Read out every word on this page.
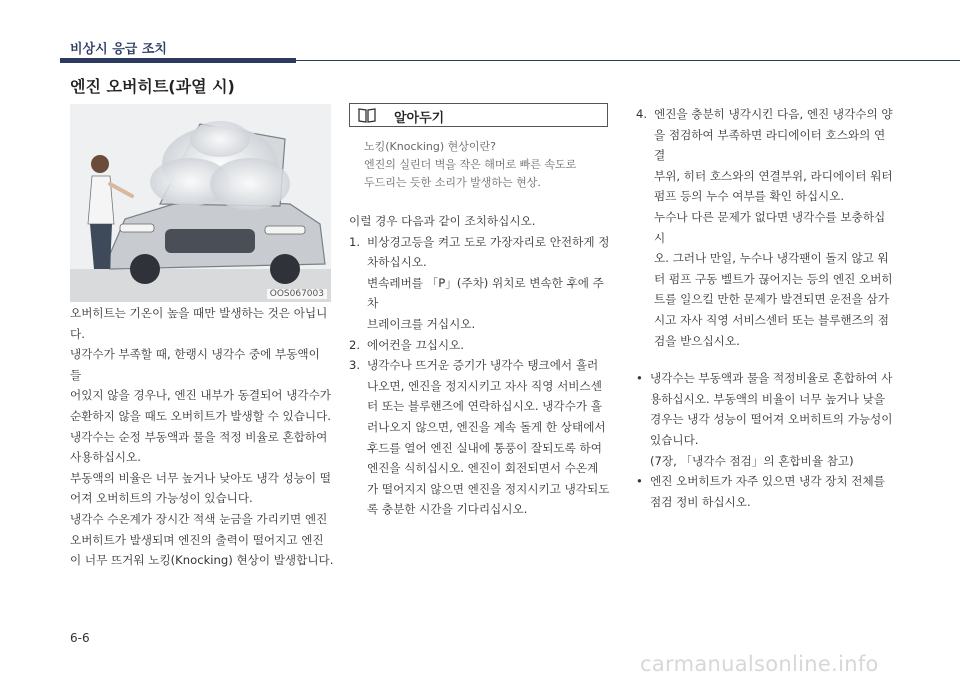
비상시 응급 조치
엔진 오버히트(과열 시)
OOS067003

오버히트는 기온이 높을 때만 발생하는 것은 아닙니다.

냉각수가 부족할 때, 한랭시 냉각수 중에 부동액이 들

어있지 않을 경우나, 엔진 내부가 동결되어 냉각수가

순환하지 않을 때도 오버히트가 발생할 수 있습니다.

냉각수는 순정 부동액과 물을 적정 비율로 혼합하여

사용하십시오.

부동액의 비율은 너무 높거나 낮아도 냉각 성능이 떨

어져 오버히트의 가능성이 있습니다.

냉각수 수온계가 장시간 적색 눈금을 가리키면 엔진

오버히트가 발생되며 엔진의 출력이 떨어지고 엔진

이 너무 뜨거워 노킹(Knocking) 현상이 발생합니다.

알아두기

노킹(Knocking) 현상이란?

엔진의 실린더 벽을 작은 해머로 빠른 속도로

두드리는 듯한 소리가 발생하는 현상.

이럴 경우 다음과 같이 조치하십시오.

1. 비상경고등을 켜고 도로 가장자리로 안전하게 정

차하십시오.

변속레버를 「P」(주차) 위치로 변속한 후에 주차

브레이크를 거십시오.

2. 에어컨을 끄십시오.

3. 냉각수나 뜨거운 증기가 냉각수 탱크에서 흘러

나오면, 엔진을 정지시키고 자사 직영 서비스센

터 또는 블루핸즈에 연락하십시오. 냉각수가 흘

러나오지 않으면, 엔진을 계속 돌게 한 상태에서

후드를 열어 엔진 실내에 통풍이 잘되도록 하여

엔진을 식히십시오. 엔진이 회전되면서 수온계

가 떨어지지 않으면 엔진을 정지시키고 냉각되도

록 충분한 시간을 기다리십시오.

4. 엔진을 충분히 냉각시킨 다음, 엔진 냉각수의 양

을 점검하여 부족하면 라디에이터 호스와의 연결

부위, 히터 호스와의 연결부위, 라디에이터 워터

펌프 등의 누수 여부를 확인 하십시오.

누수나 다른 문제가 없다면 냉각수를 보충하십시

오. 그러나 만일, 누수나 냉각팬이 돌지 않고 워

터 펌프 구동 벨트가 끊어지는 등의 엔진 오버히

트를 일으킬 만한 문제가 발견되면 운전을 삼가

시고 자사 직영 서비스센터 또는 블루핸즈의 점

검을 받으십시오.

• 냉각수는 부동액과 물을 적정비율로 혼합하여 사

용하십시오. 부동액의 비율이 너무 높거나 낮을

경우는 냉각 성능이 떨어져 오버히트의 가능성이

있습니다.

(7장, 「냉각수 점검」의 혼합비율 참고)

• 엔진 오버히트가 자주 있으면 냉각 장치 전체를

점검 정비 하십시오.

6-6
carmanualsonline.info
